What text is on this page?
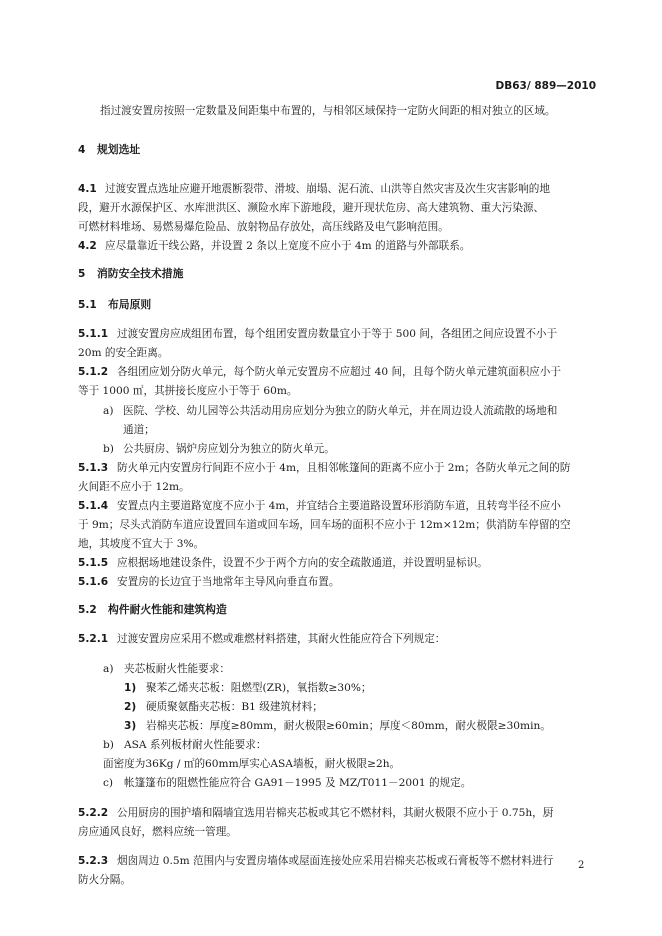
DB63/ 889—2010
指过渡安置房按照一定数量及间距集中布置的，与相邻区域保持一定防火间距的相对独立的区域。
4 规划选址
4.1 过渡安置点选址应避开地震断裂带、滑坡、崩塌、泥石流、山洪等自然灾害及次生灾害影响的地
段，避开水源保护区、水库泄洪区、濒险水库下游地段，避开现状危房、高大建筑物、重大污染源、
可燃材料堆场、易燃易爆危险品、放射物品存放处，高压线路及电气影响范围。
4.2 应尽量靠近干线公路，并设置 2 条以上宽度不应小于 4m 的道路与外部联系。
5 消防安全技术措施
5.1 布局原则
5.1.1 过渡安置房应成组团布置，每个组团安置房数量宜小于等于 500 间，各组团之间应设置不小于
20m 的安全距离。
5.1.2 各组团应划分防火单元，每个防火单元安置房不应超过 40 间，且每个防火单元建筑面积应小于
等于 1000 ㎡，其拼接长度应小于等于 60m。
a) 医院、学校、幼儿园等公共活动用房应划分为独立的防火单元，并在周边设人流疏散的场地和
通道；
b) 公共厨房、锅炉房应划分为独立的防火单元。
5.1.3 防火单元内安置房行间距不应小于 4m，且相邻帐篷间的距离不应小于 2m；各防火单元之间的防
火间距不应小于 12m。
5.1.4 安置点内主要道路宽度不应小于 4m，并宜结合主要道路设置环形消防车道，且转弯半径不应小
于 9m；尽头式消防车道应设置回车道或回车场，回车场的面积不应小于 12m×12m；供消防车停留的空
地，其坡度不宜大于 3%。
5.1.5 应根据场地建设条件，设置不少于两个方向的安全疏散通道，并设置明显标识。
5.1.6 安置房的长边宜于当地常年主导风向垂直布置。
5.2 构件耐火性能和建筑构造
5.2.1 过渡安置房应采用不燃或难燃材料搭建，其耐火性能应符合下列规定：
a) 夹芯板耐火性能要求：
1) 聚苯乙烯夹芯板：阻燃型(ZR)，氧指数≥30%；
2) 硬质聚氨酯夹芯板：B1 级建筑材料；
3) 岩棉夹芯板：厚度≥80mm，耐火极限≥60min；厚度＜80mm，耐火极限≥30min。
b) ASA 系列板材耐火性能要求：
面密度为36Kg / ㎡的60mm厚实心ASA墙板，耐火极限≥2h。
c) 帐篷篷布的阻燃性能应符合 GA91－1995 及 MZ/T011－2001 的规定。
5.2.2 公用厨房的围护墙和隔墙宜选用岩棉夹芯板或其它不燃材料，其耐火极限不应小于 0.75h，厨
房应通风良好，燃料应统一管理。
5.2.3 烟囱周边 0.5m 范围内与安置房墙体或屋面连接处应采用岩棉夹芯板或石膏板等不燃材料进行
防火分隔。
2
